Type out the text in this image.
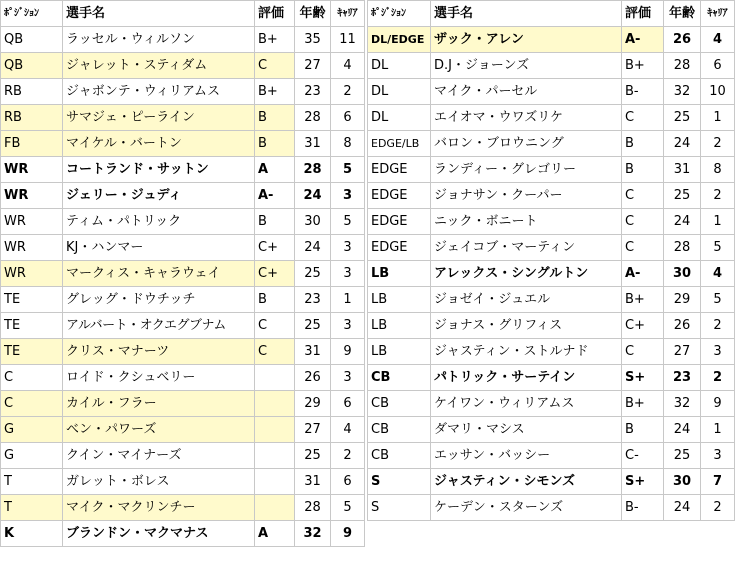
ﾎﾟｼﾞｼｮﾝ	選手名	評価	年齢	ｷｬﾘｱ
QB	ラッセル・ウィルソン	B+	35	11
QB	ジャレット・スティダム	C	27	4
RB	ジャボンテ・ウィリアムス	B+	23	2
RB	サマジェ・ピーライン	B	28	6
FB	マイケル・バートン	B	31	8
WR	コートランド・サットン	A	28	5
WR	ジェリー・ジュディ	A-	24	3
WR	ティム・パトリック	B	30	5
WR	KJ・ハンマー	C+	24	3
WR	マークィス・キャラウェイ	C+	25	3
TE	グレッグ・ドウチッチ	B	23	1
TE	アルバート・オクエグブナム	C	25	3
TE	クリス・マナーツ	C	31	9
C	ロイド・クシュベリー		26	3
C	カイル・フラー		29	6
G	ベン・パワーズ		27	4
G	クイン・マイナーズ		25	2
T	ガレット・ボレス		31	6
T	マイク・マクリンチー		28	5
K	ブランドン・マクマナス	A	32	9
ﾎﾟｼﾞｼｮﾝ	選手名	評価	年齢	ｷｬﾘｱ
DL/EDGE	ザック・アレン	A-	26	4
DL	D.J・ジョーンズ	B+	28	6
DL	マイク・パーセル	B-	32	10
DL	エイオマ・ウワズリケ	C	25	1
EDGE/LB	バロン・ブロウニング	B	24	2
EDGE	ランディー・グレゴリー	B	31	8
EDGE	ジョナサン・クーパー	C	25	2
EDGE	ニック・ボニート	C	24	1
EDGE	ジェイコブ・マーティン	C	28	5
LB	アレックス・シングルトン	A-	30	4
LB	ジョゼイ・ジュエル	B+	29	5
LB	ジョナス・グリフィス	C+	26	2
LB	ジャスティン・ストルナド	C	27	3
CB	パトリック・サーテイン	S+	23	2
CB	ケイワン・ウィリアムス	B+	32	9
CB	ダマリ・マシス	B	24	1
CB	エッサン・バッシー	C-	25	3
S	ジャスティン・シモンズ	S+	30	7
S	ケーデン・スターンズ	B-	24	2
